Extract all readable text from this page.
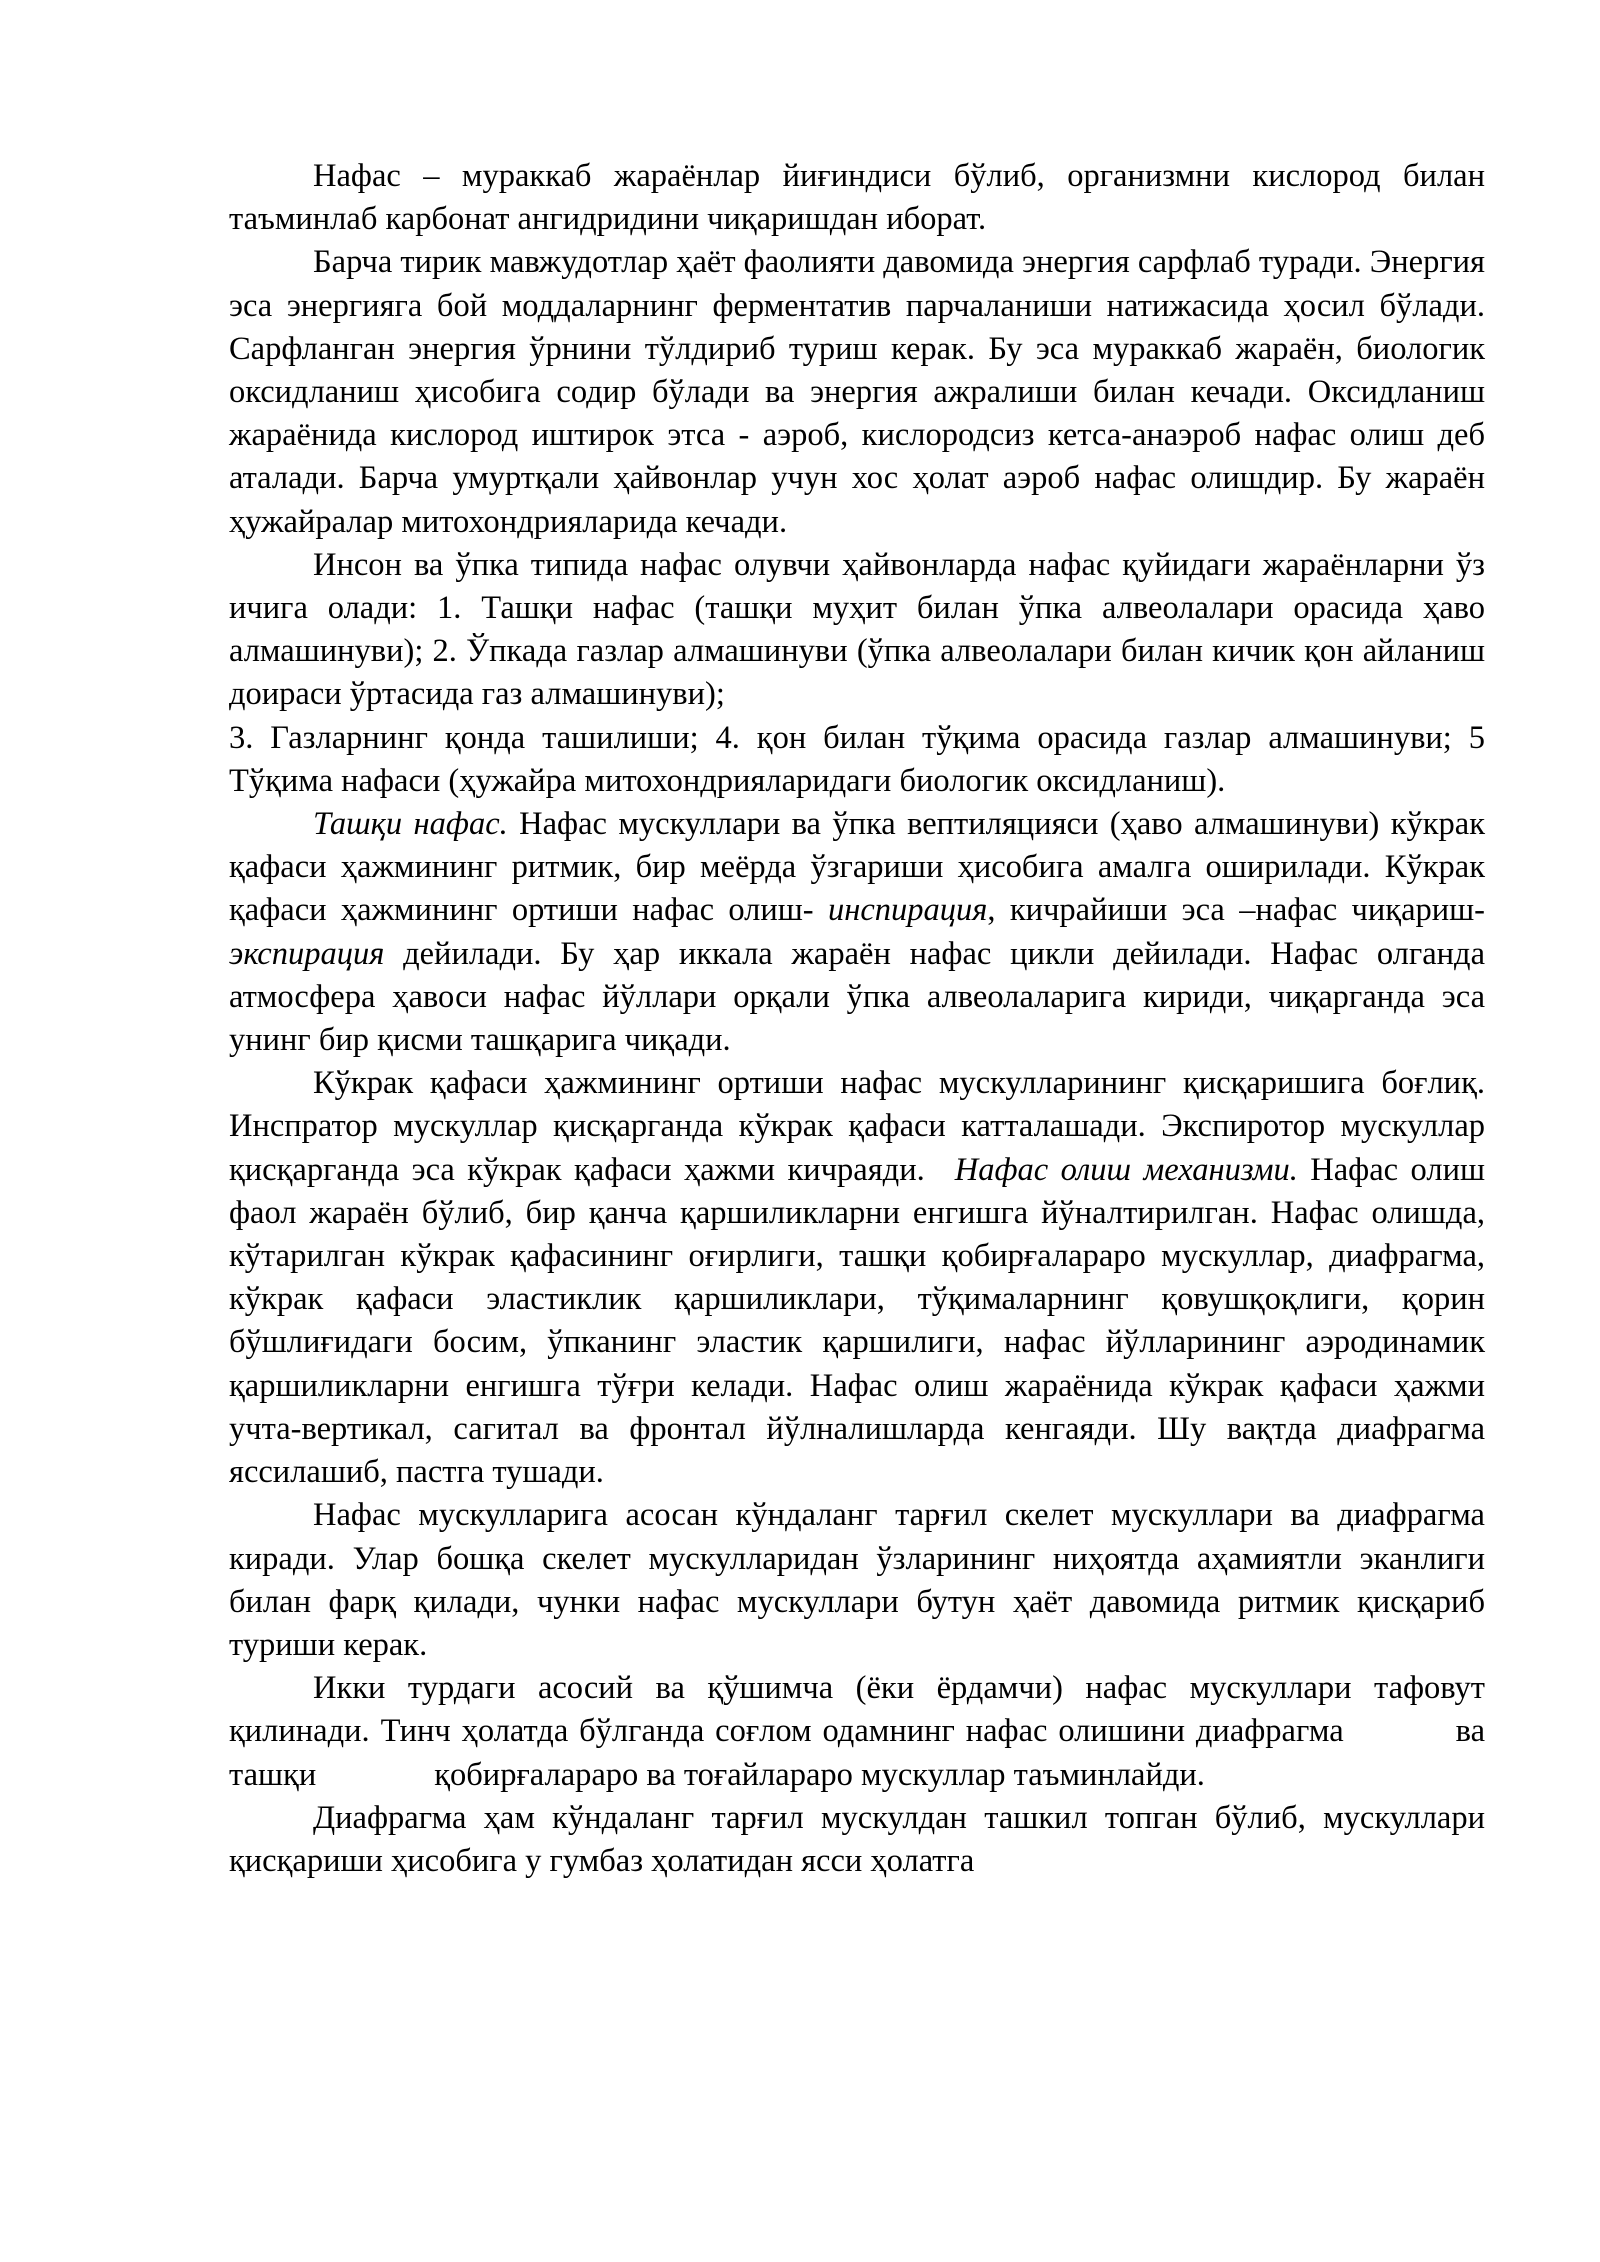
Нафас – мураккаб жараёнлар йиғиндиси бўлиб, организмни кислород билан таъминлаб карбонат ангидридини чиқаришдан иборат.

Барча тирик мавжудотлар ҳаёт фаолияти давомида энергия сарфлаб туради. Энергия эса энергияга бой моддаларнинг ферментатив парчаланиши натижасида ҳосил бўлади. Сарфланган энергия ўрнини тўлдириб туриш керак. Бу эса мураккаб жараён, биологик оксидланиш ҳисобига содир бўлади ва энергия ажралиши билан кечади. Оксидланиш жараёнида кислород иштирок этса - аэроб, кислородсиз кетса-анаэроб нафас олиш деб аталади. Барча умуртқали ҳайвонлар учун хос ҳолат аэроб нафас олишдир. Бу жараён ҳужайралар митохондрияларида кечади.

Инсон ва ўпка типида нафас олувчи ҳайвонларда нафас қуйидаги жараёнларни ўз ичига олади: 1. Ташқи нафас (ташқи муҳит билан ўпка алвеолалари орасида ҳаво алмашинуви); 2. Ўпкада газлар алмашинуви (ўпка алвеолалари билан кичик қон айланиш доираси ўртасида газ алмашинуви);

3. Газларнинг қонда ташилиши; 4. қон билан тўқима орасида газлар алмашинуви; 5 Тўқима нафаси (ҳужайра митохондрияларидаги биологик оксидланиш).

Ташқи нафас. Нафас мускуллари ва ўпка вептиляцияси (ҳаво алмашинуви) кўкрак қафаси ҳажмининг ритмик, бир меёрда ўзгариши ҳисобига амалга оширилади. Кўкрак қафаси ҳажмининг ортиши нафас олиш- инспирация, кичрайиши эса –нафас чиқариш- экспирация дейилади. Бу ҳар иккала жараён нафас цикли дейилади. Нафас олганда атмосфера ҳавоси нафас йўллари орқали ўпка алвеолаларига кириди, чиқарганда эса унинг бир қисми ташқарига чиқади.

Кўкрак қафаси ҳажмининг ортиши нафас мускулларининг қисқаришига боғлиқ. Инспратор мускуллар қисқарганда кўкрак қафаси катталашади. Экспиротор мускуллар қисқарганда эса кўкрак қафаси ҳажми кичраяди. Нафас олиш механизми. Нафас олиш фаол жараён бўлиб, бир қанча қаршиликларни енгишга йўналтирилган. Нафас олишда, кўтарилган кўкрак қафасининг оғирлиги, ташқи қобирғалараро мускуллар, диафрагма, кўкрак қафаси эластиклик қаршиликлари, тўқималарнинг қовушқоқлиги, қорин бўшлиғидаги босим, ўпканинг эластик қаршилиги, нафас йўлларининг аэродинамик қаршиликларни енгишга тўғри келади. Нафас олиш жараёнида кўкрак қафаси ҳажми учта-вертикал, сагитал ва фронтал йўлналишларда кенгаяди. Шу вақтда диафрагма яссилашиб, пастга тушади.

Нафас мускулларига асосан кўндаланг тарғил скелет мускуллари ва диафрагма киради. Улар бошқа скелет мускулларидан ўзларининг ниҳоятда аҳамиятли эканлиги билан фарқ қилади, чунки нафас мускуллари бутун ҳаёт давомида ритмик қисқариб туриши керак.

Икки турдаги асосий ва қўшимча (ёки ёрдамчи) нафас мускуллари тафовут қилинади. Тинч ҳолатда бўлганда соғлом одамнинг нафас олишини диафрагма	ва ташқи	қобирғалараро ва тоғайлараро мускуллар таъминлайди.

Диафрагма ҳам кўндаланг тарғил мускулдан ташкил топган бўлиб, мускуллари қисқариши ҳисобига у гумбаз ҳолатидан ясси ҳолатга
